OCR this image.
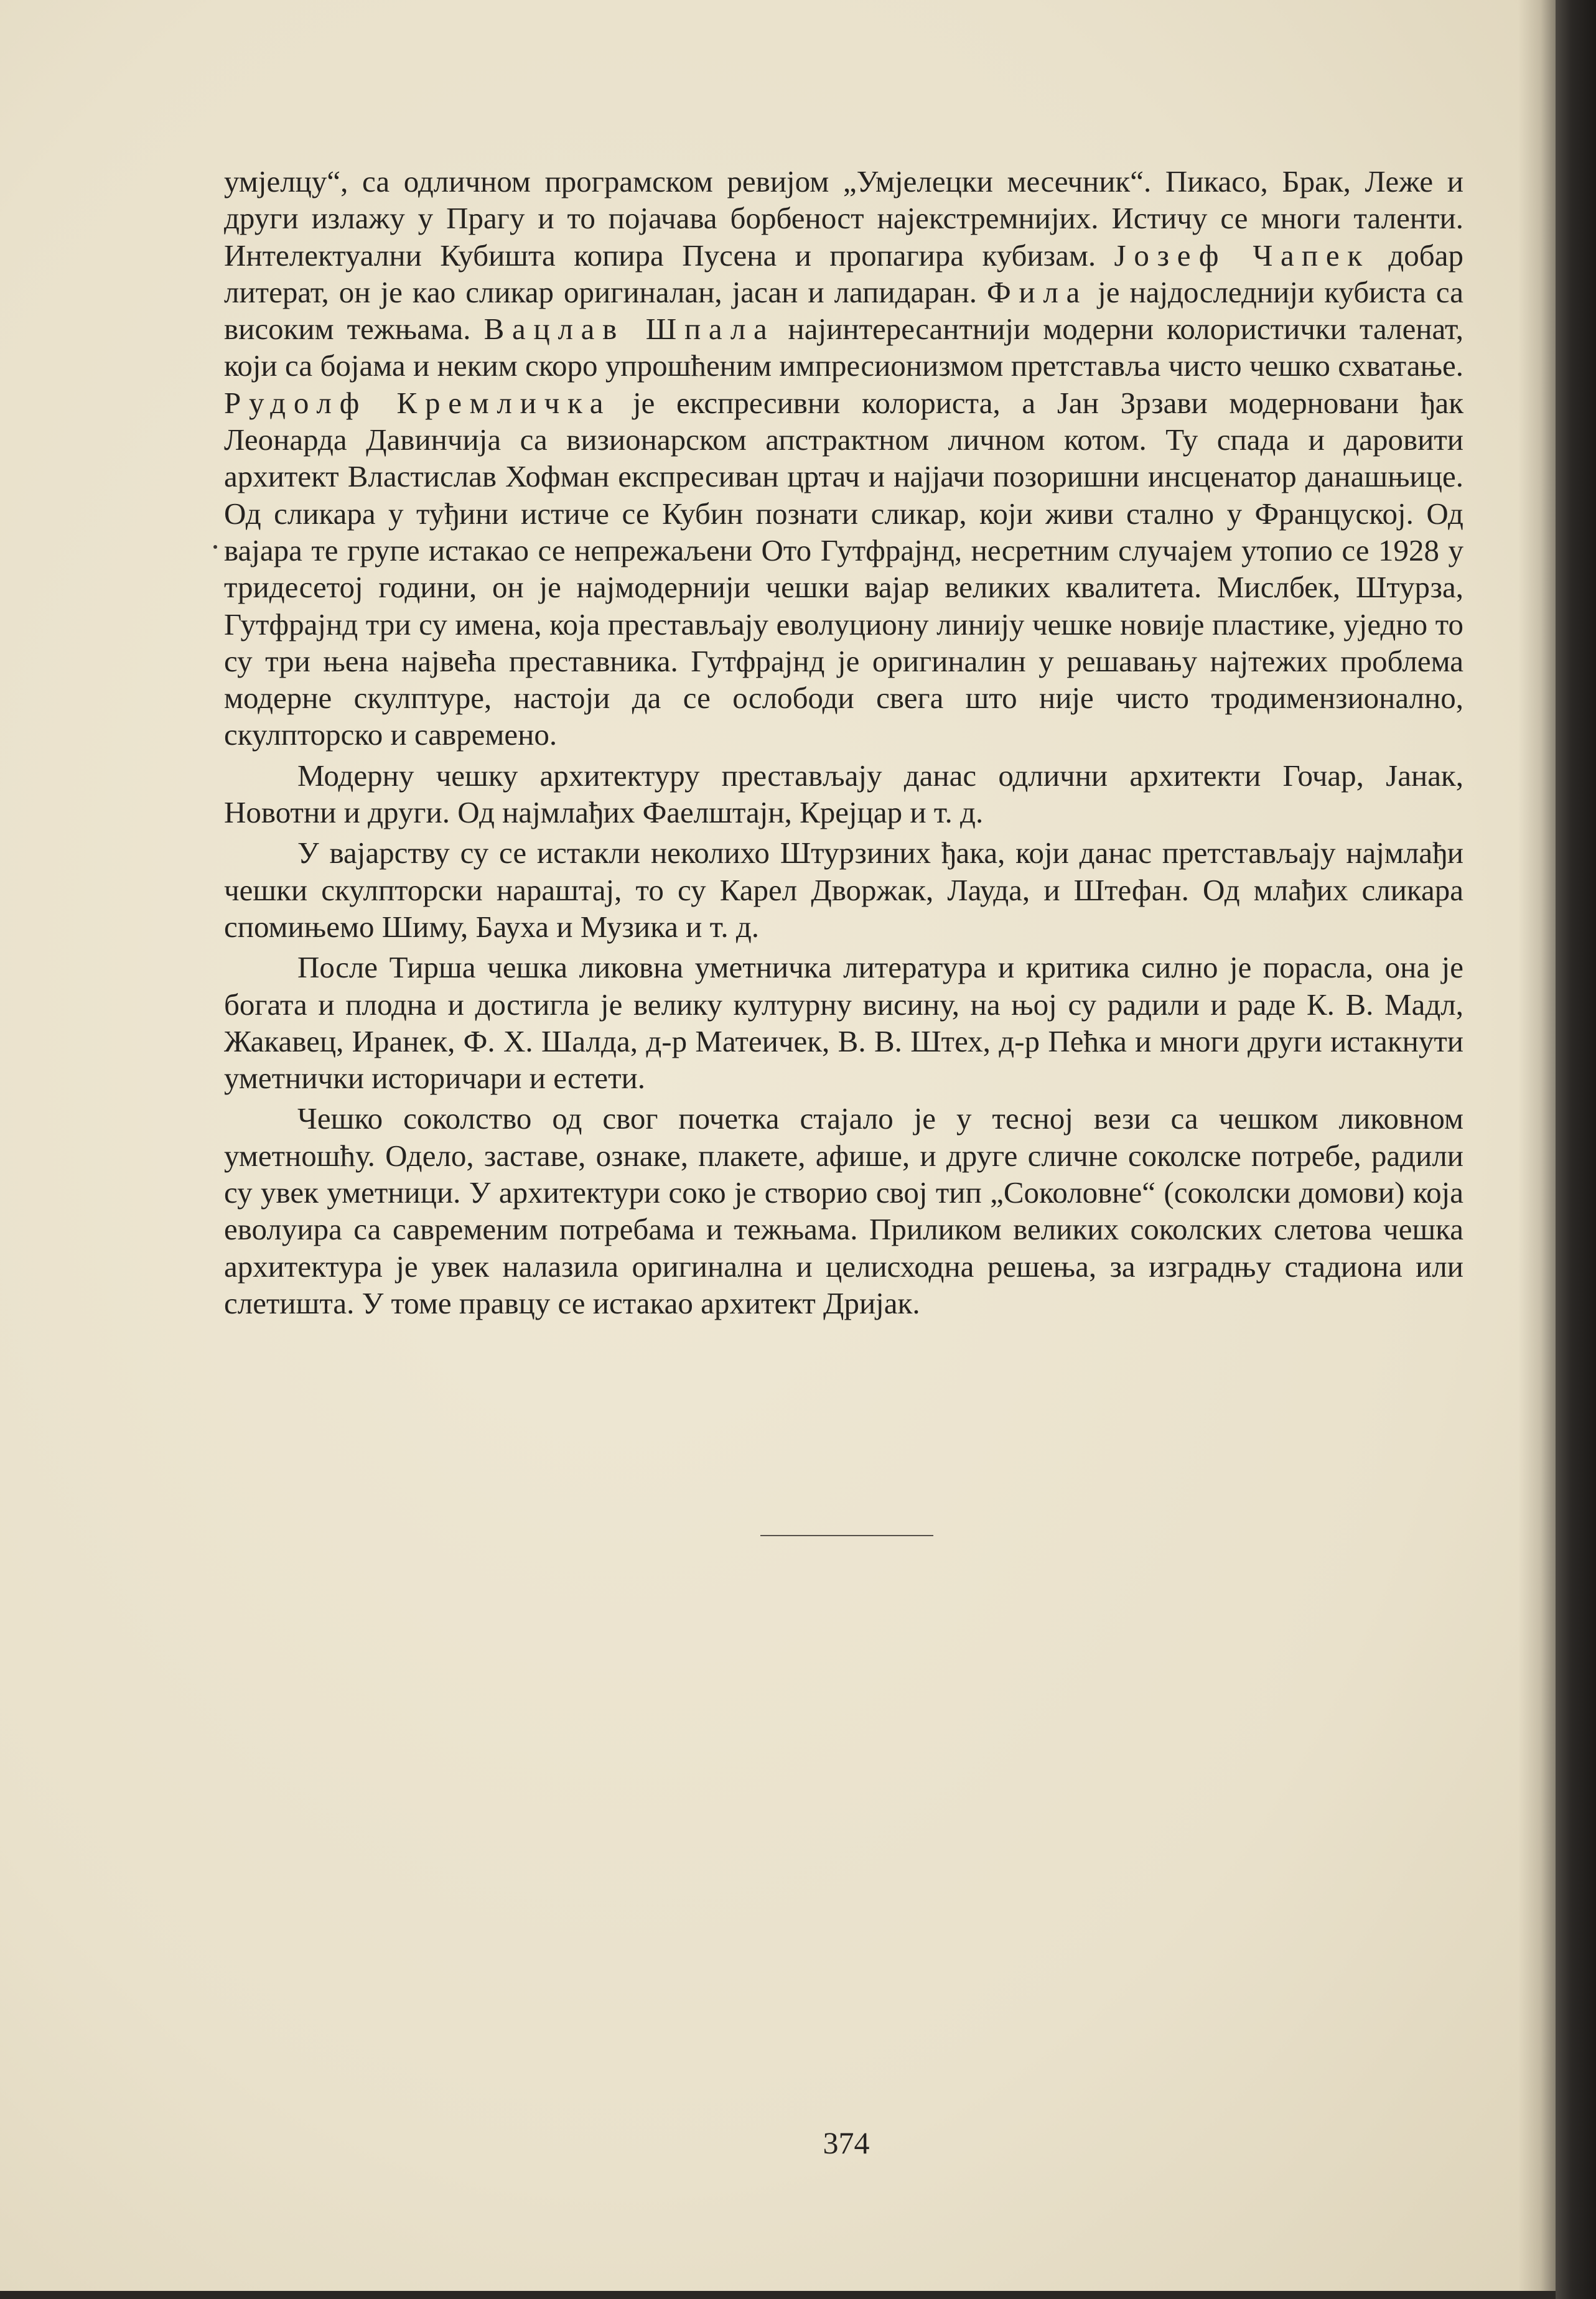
умјелцу“, са одличном програмском ревијом „Умјелецки месечник“. Пикасо, Брак, Леже и други излажу у Прагу и то појачава борбеност најекстремнијих. Истичу се многи таленти. Интелектуални Кубишта копира Пусена и пропагира кубизам. Јозеф Чапек добар литерат, он је као сликар оригиналан, јасан и лапидаран. Фила је најдоследнији кубиста са високим тежњама. Вацлав Шпала најинтересантнији модерни колористички таленат, који са бојама и неким скоро упрошћеним импресионизмом претставља чисто чешко схватање. Рудолф Кремличка је експресивни колориста, а Јан Зрзави модерновани ђак Леонарда Давинчија са визионарском апстрактном личном котом. Ту спада и даровити архитект Властислав Хофман експресиван цртач и најјачи позоришни инсценатор данашњице. Од сликара у туђини истиче се Кубин познати сликар, који живи стално у Француској. Од вајара те групе истакао се непрежаљени Ото Гутфрајнд, несретним случајем утопио се 1928 у тридесетој години, он је најмодернији чешки вајар великих квалитета. Мислбек, Штурза, Гутфрајнд три су имена, која престављају еволуциону линију чешке новије пластике, уједно то су три њена највећа преставника. Гутфрајнд је оригиналин у решавању најтежих проблема модерне скулптуре, настоји да се ослободи свега што није чисто тродимензионално, скулпторско и савремено.

Модерну чешку архитектуру престављају данас одлични архитекти Гочар, Јанак, Новотни и други. Од најмлађих Фаелштајн, Крејцар и т. д.

У вајарству су се истакли неколихо Штурзиних ђака, који данас претстављају најмлађи чешки скулпторски нараштај, то су Карел Дворжак, Лауда, и Штефан. Од млађих сликара спомињемо Шиму, Бауха и Музика и т. д.

После Тирша чешка ликовна уметничка литература и критика силно је порасла, она је богата и плодна и достигла је велику културну висину, на њој су радили и раде К. В. Мадл, Жакавец, Иранек, Ф. Х. Шалда, д-р Матеичек, В. В. Штех, д-р Пећка и многи други истакнути уметнички историчари и естети.

Чешко соколство од свог почетка стајало је у тесној вези са чешком ликовном уметношћу. Одело, заставе, ознаке, плакете, афише, и друге сличне соколске потребе, радили су увек уметници. У архитектури соко је створио свој тип „Соколовне“ (соколски домови) која еволуира са савременим потребама и тежњама. Приликом великих соколских слетова чешка архитектура је увек налазила оригинална и целисходна решења, за изградњу стадиона или слетишта. У томе правцу се истакао архитект Дријак.

374
